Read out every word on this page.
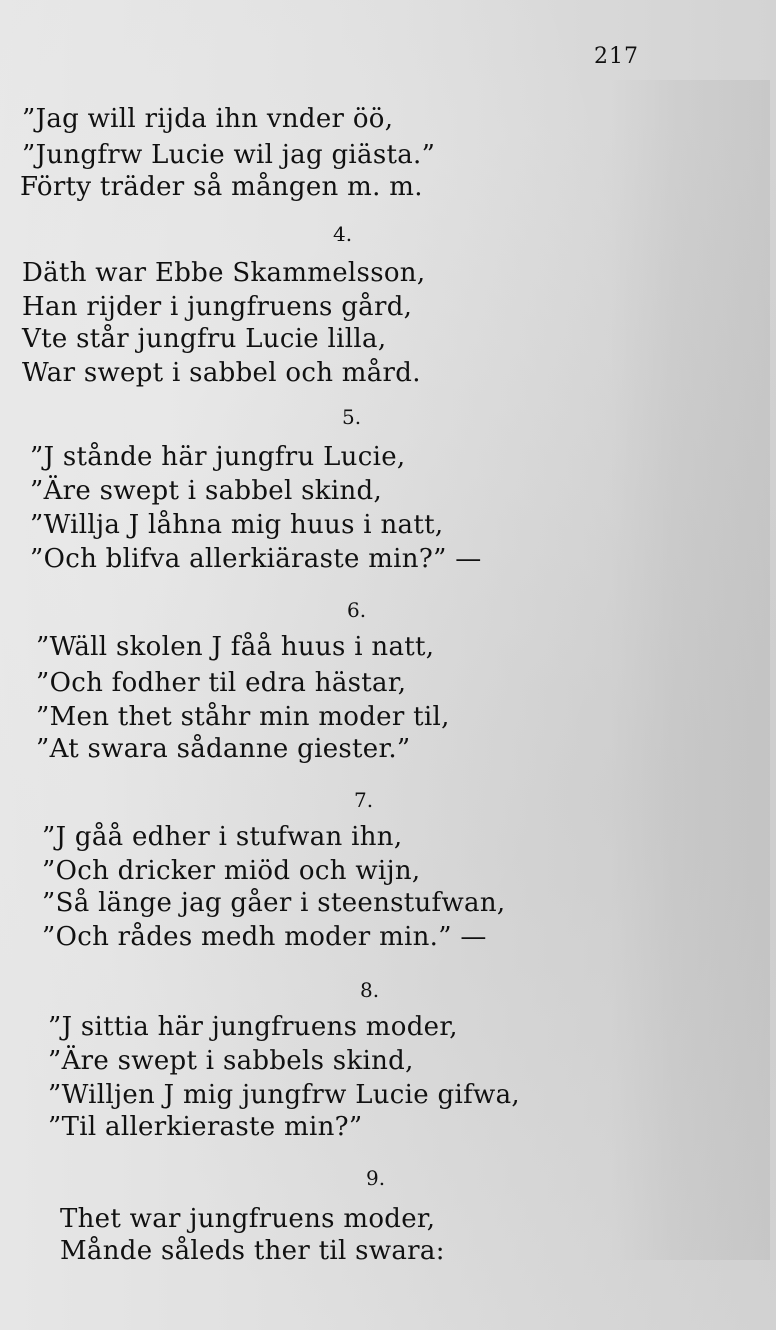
217
”Jag will rijda ihn vnder öö,
”Jungfrw Lucie wil jag giästa.”
Förty träder så mången m. m.
4.
Däth war Ebbe Skammelsson,
Han rijder i jungfruens gård,
Vte står jungfru Lucie lilla,
War swept i sabbel och mård.
5.
”J stånde här jungfru Lucie,
”Äre swept i sabbel skind,
”Willja J låhna mig huus i natt,
”Och blifva allerkiäraste min?” —
6.
”Wäll skolen J fåå huus i natt,
”Och fodher til edra hästar,
”Men thet ståhr min moder til,
”At swara sådanne giester.”
7.
”J gåå edher i stufwan ihn,
”Och dricker miöd och wijn,
”Så länge jag gåer i steenstufwan,
”Och rådes medh moder min.” —
8.
”J sittia här jungfruens moder,
”Äre swept i sabbels skind,
”Willjen J mig jungfrw Lucie gifwa,
”Til allerkieraste min?”
9.
Thet war jungfruens moder,
Månde såleds ther til swara:
